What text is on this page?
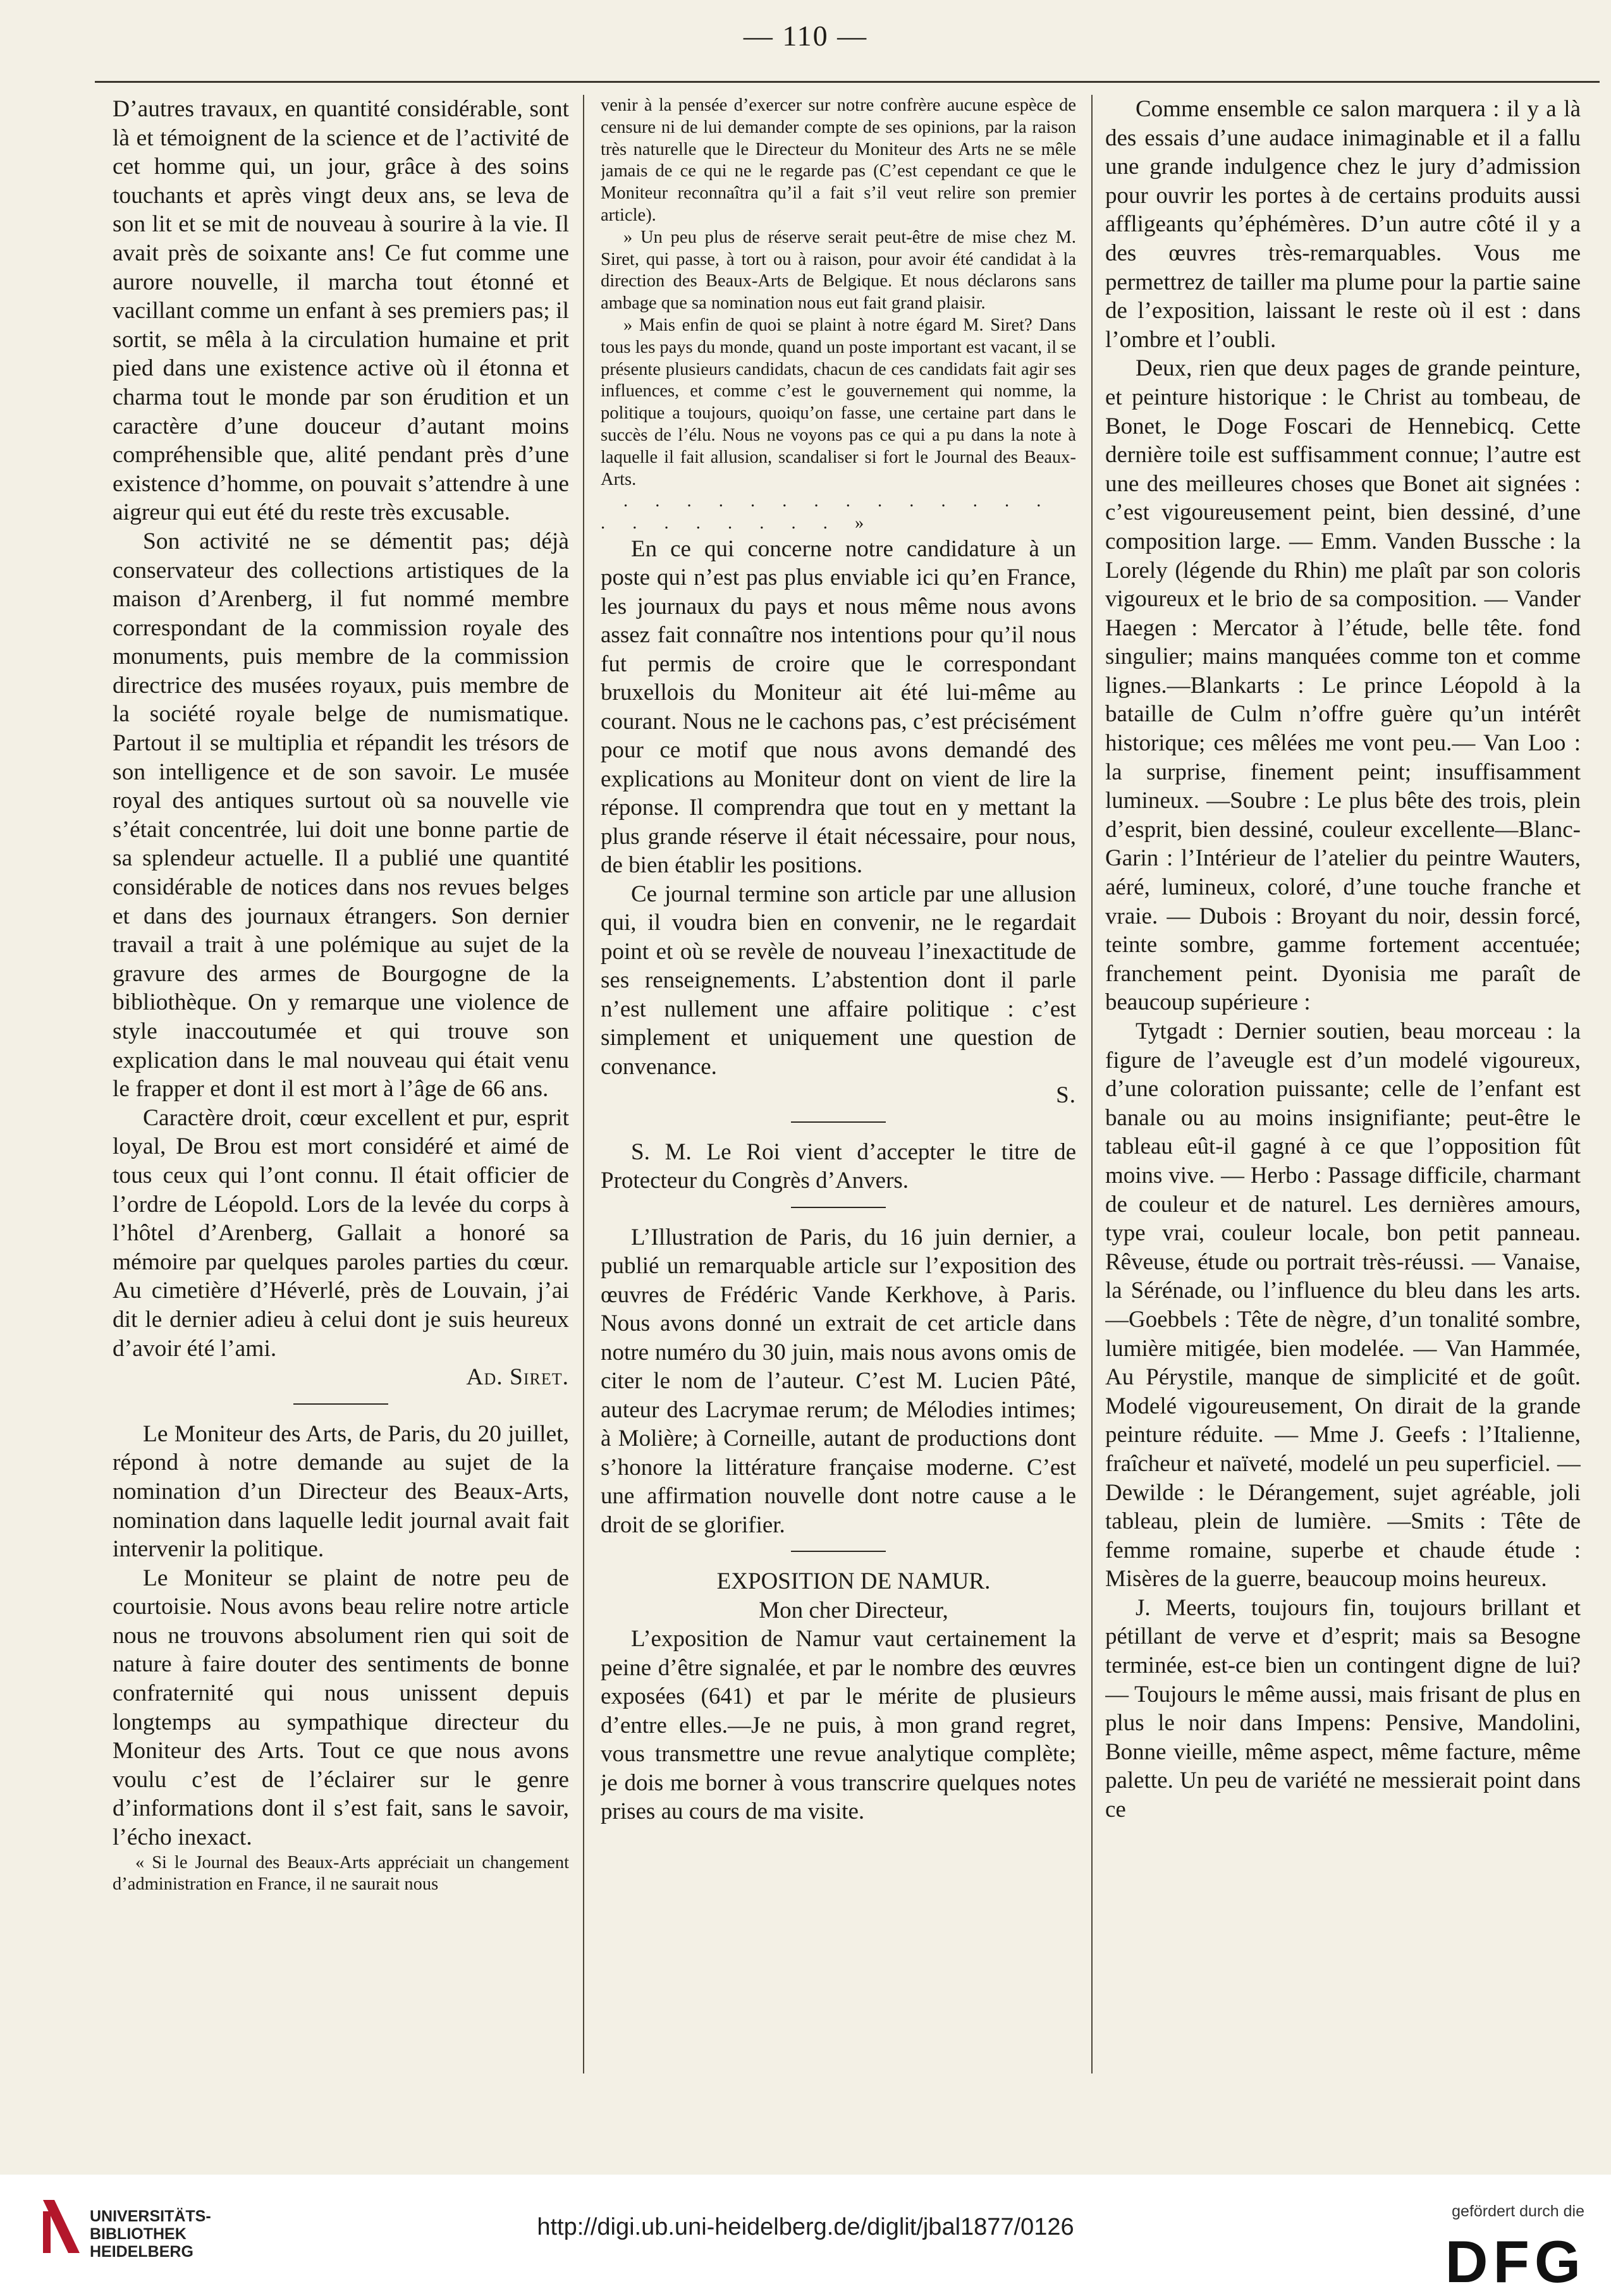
— 110 —

D’autres travaux, en quantité considérable, sont là et témoignent de la science et de l’activité de cet homme qui, un jour, grâce à des soins touchants et après vingt deux ans, se leva de son lit et se mit de nouveau à sourire à la vie. Il avait près de soixante ans! Ce fut comme une aurore nouvelle, il marcha tout étonné et vacillant comme un enfant à ses premiers pas; il sortit, se mêla à la circulation humaine et prit pied dans une existence active où il étonna et charma tout le monde par son érudition et un caractère d’une douceur d’autant moins compréhensible que, alité pendant près d’une existence d’homme, on pouvait s’attendre à une aigreur qui eut été du reste très excusable.

Son activité ne se démentit pas; déjà conservateur des collections artistiques de la maison d’Arenberg, il fut nommé membre correspondant de la commission royale des monuments, puis membre de la commission directrice des musées royaux, puis membre de la société royale belge de numismatique. Partout il se multiplia et répandit les trésors de son intelligence et de son savoir. Le musée royal des antiques surtout où sa nouvelle vie s’était concentrée, lui doit une bonne partie de sa splendeur actuelle. Il a publié une quantité considérable de notices dans nos revues belges et dans des journaux étrangers. Son dernier travail a trait à une polémique au sujet de la gravure des armes de Bourgogne de la bibliothèque. On y remarque une violence de style inaccoutumée et qui trouve son explication dans le mal nouveau qui était venu le frapper et dont il est mort à l’âge de 66 ans.

Caractère droit, cœur excellent et pur, esprit loyal, De Brou est mort considéré et aimé de tous ceux qui l’ont connu. Il était officier de l’ordre de Léopold. Lors de la levée du corps à l’hôtel d’Arenberg, Gallait a honoré sa mémoire par quelques paroles parties du cœur. Au cimetière d’Héverlé, près de Louvain, j’ai dit le dernier adieu à celui dont je suis heureux d’avoir été l’ami.

Ad. Siret.

Le Moniteur des Arts, de Paris, du 20 juillet, répond à notre demande au sujet de la nomination d’un Directeur des Beaux-Arts, nomination dans laquelle ledit journal avait fait intervenir la politique.

Le Moniteur se plaint de notre peu de courtoisie. Nous avons beau relire notre article nous ne trouvons absolument rien qui soit de nature à faire douter des sentiments de bonne confraternité qui nous unissent depuis longtemps au sympathique directeur du Moniteur des Arts. Tout ce que nous avons voulu c’est de l’éclairer sur le genre d’informations dont il s’est fait, sans le savoir, l’écho inexact.

« Si le Journal des Beaux-Arts appréciait un changement d’administration en France, il ne saurait nous

venir à la pensée d’exercer sur notre confrère aucune espèce de censure ni de lui demander compte de ses opinions, par la raison très naturelle que le Directeur du Moniteur des Arts ne se mêle jamais de ce qui ne le regarde pas (C’est cependant ce que le Moniteur reconnaîtra qu’il a fait s’il veut relire son premier article).

» Un peu plus de réserve serait peut-être de mise chez M. Siret, qui passe, à tort ou à raison, pour avoir été candidat à la direction des Beaux-Arts de Belgique. Et nous déclarons sans ambage que sa nomination nous eut fait grand plaisir.

» Mais enfin de quoi se plaint à notre égard M. Siret? Dans tous les pays du monde, quand un poste important est vacant, il se présente plusieurs candidats, chacun de ces candidats fait agir ses influences, et comme c’est le gouvernement qui nomme, la politique a toujours, quoiqu’on fasse, une certaine part dans le succès de l’élu. Nous ne voyons pas ce qui a pu dans la note à laquelle il fait allusion, scandaliser si fort le Journal des Beaux-Arts.

. . . . . . . . . . . . . . . . . . . . . . »

En ce qui concerne notre candidature à un poste qui n’est pas plus enviable ici qu’en France, les journaux du pays et nous même nous avons assez fait connaître nos intentions pour qu’il nous fut permis de croire que le correspondant bruxellois du Moniteur ait été lui-même au courant. Nous ne le cachons pas, c’est précisément pour ce motif que nous avons demandé des explications au Moniteur dont on vient de lire la réponse. Il comprendra que tout en y mettant la plus grande réserve il était nécessaire, pour nous, de bien établir les positions.

Ce journal termine son article par une allusion qui, il voudra bien en convenir, ne le regardait point et où se revèle de nouveau l’inexactitude de ses renseignements. L’abstention dont il parle n’est nullement une affaire politique : c’est simplement et uniquement une question de convenance.

S.

S. M. Le Roi vient d’accepter le titre de Protecteur du Congrès d’Anvers.

L’Illustration de Paris, du 16 juin dernier, a publié un remarquable article sur l’exposition des œuvres de Frédéric Vande Kerkhove, à Paris. Nous avons donné un extrait de cet article dans notre numéro du 30 juin, mais nous avons omis de citer le nom de l’auteur. C’est M. Lucien Pâté, auteur des Lacrymae rerum; de Mélodies intimes; à Molière; à Corneille, autant de productions dont s’honore la littérature française moderne. C’est une affirmation nouvelle dont notre cause a le droit de se glorifier.

EXPOSITION DE NAMUR.

Mon cher Directeur,

L’exposition de Namur vaut certainement la peine d’être signalée, et par le nombre des œuvres exposées (641) et par le mérite de plusieurs d’entre elles.—Je ne puis, à mon grand regret, vous transmettre une revue analytique complète; je dois me borner à vous transcrire quelques notes prises au cours de ma visite.

Comme ensemble ce salon marquera : il y a là des essais d’une audace inimaginable et il a fallu une grande indulgence chez le jury d’admission pour ouvrir les portes à de certains produits aussi affligeants qu’éphémères. D’un autre côté il y a des œuvres très-remarquables. Vous me permettrez de tailler ma plume pour la partie saine de l’exposition, laissant le reste où il est : dans l’ombre et l’oubli.

Deux, rien que deux pages de grande peinture, et peinture historique : le Christ au tombeau, de Bonet, le Doge Foscari de Hennebicq. Cette dernière toile est suffisamment connue; l’autre est une des meilleures choses que Bonet ait signées : c’est vigoureusement peint, bien dessiné, d’une composition large. — Emm. Vanden Bussche : la Lorely (légende du Rhin) me plaît par son coloris vigoureux et le brio de sa composition. — Vander Haegen : Mercator à l’étude, belle tête. fond singulier; mains manquées comme ton et comme lignes.—Blankarts : Le prince Léopold à la bataille de Culm n’offre guère qu’un intérêt historique; ces mêlées me vont peu.— Van Loo : la surprise, finement peint; insuffisamment lumineux. —Soubre : Le plus bête des trois, plein d’esprit, bien dessiné, couleur excellente—Blanc-Garin : l’Intérieur de l’atelier du peintre Wauters, aéré, lumineux, coloré, d’une touche franche et vraie. — Dubois : Broyant du noir, dessin forcé, teinte sombre, gamme fortement accentuée; franchement peint. Dyonisia me paraît de beaucoup supérieure :

Tytgadt : Dernier soutien, beau morceau : la figure de l’aveugle est d’un modelé vigoureux, d’une coloration puissante; celle de l’enfant est banale ou au moins insignifiante; peut-être le tableau eût-il gagné à ce que l’opposition fût moins vive. — Herbo : Passage difficile, charmant de couleur et de naturel. Les dernières amours, type vrai, couleur locale, bon petit panneau. Rêveuse, étude ou portrait très-réussi. — Vanaise, la Sérénade, ou l’influence du bleu dans les arts. —Goebbels : Tête de nègre, d’un tonalité sombre, lumière mitigée, bien modelée. — Van Hammée, Au Pérystile, manque de simplicité et de goût. Modelé vigoureusement, On dirait de la grande peinture réduite. — Mme J. Geefs : l’Italienne, fraîcheur et naïveté, modelé un peu superficiel. — Dewilde : le Dérangement, sujet agréable, joli tableau, plein de lumière. —Smits : Tête de femme romaine, superbe et chaude étude : Misères de la guerre, beaucoup moins heureux.

J. Meerts, toujours fin, toujours brillant et pétillant de verve et d’esprit; mais sa Besogne terminée, est-ce bien un contingent digne de lui? — Toujours le même aussi, mais frisant de plus en plus le noir dans Impens: Pensive, Mandolini, Bonne vieille, même aspect, même facture, même palette. Un peu de variété ne messierait point dans ce

UNIVERSITÄTS-
BIBLIOTHEK
HEIDELBERG
http://digi.ub.uni-heidelberg.de/diglit/jbal1877/0126
gefördert durch die
DFG
